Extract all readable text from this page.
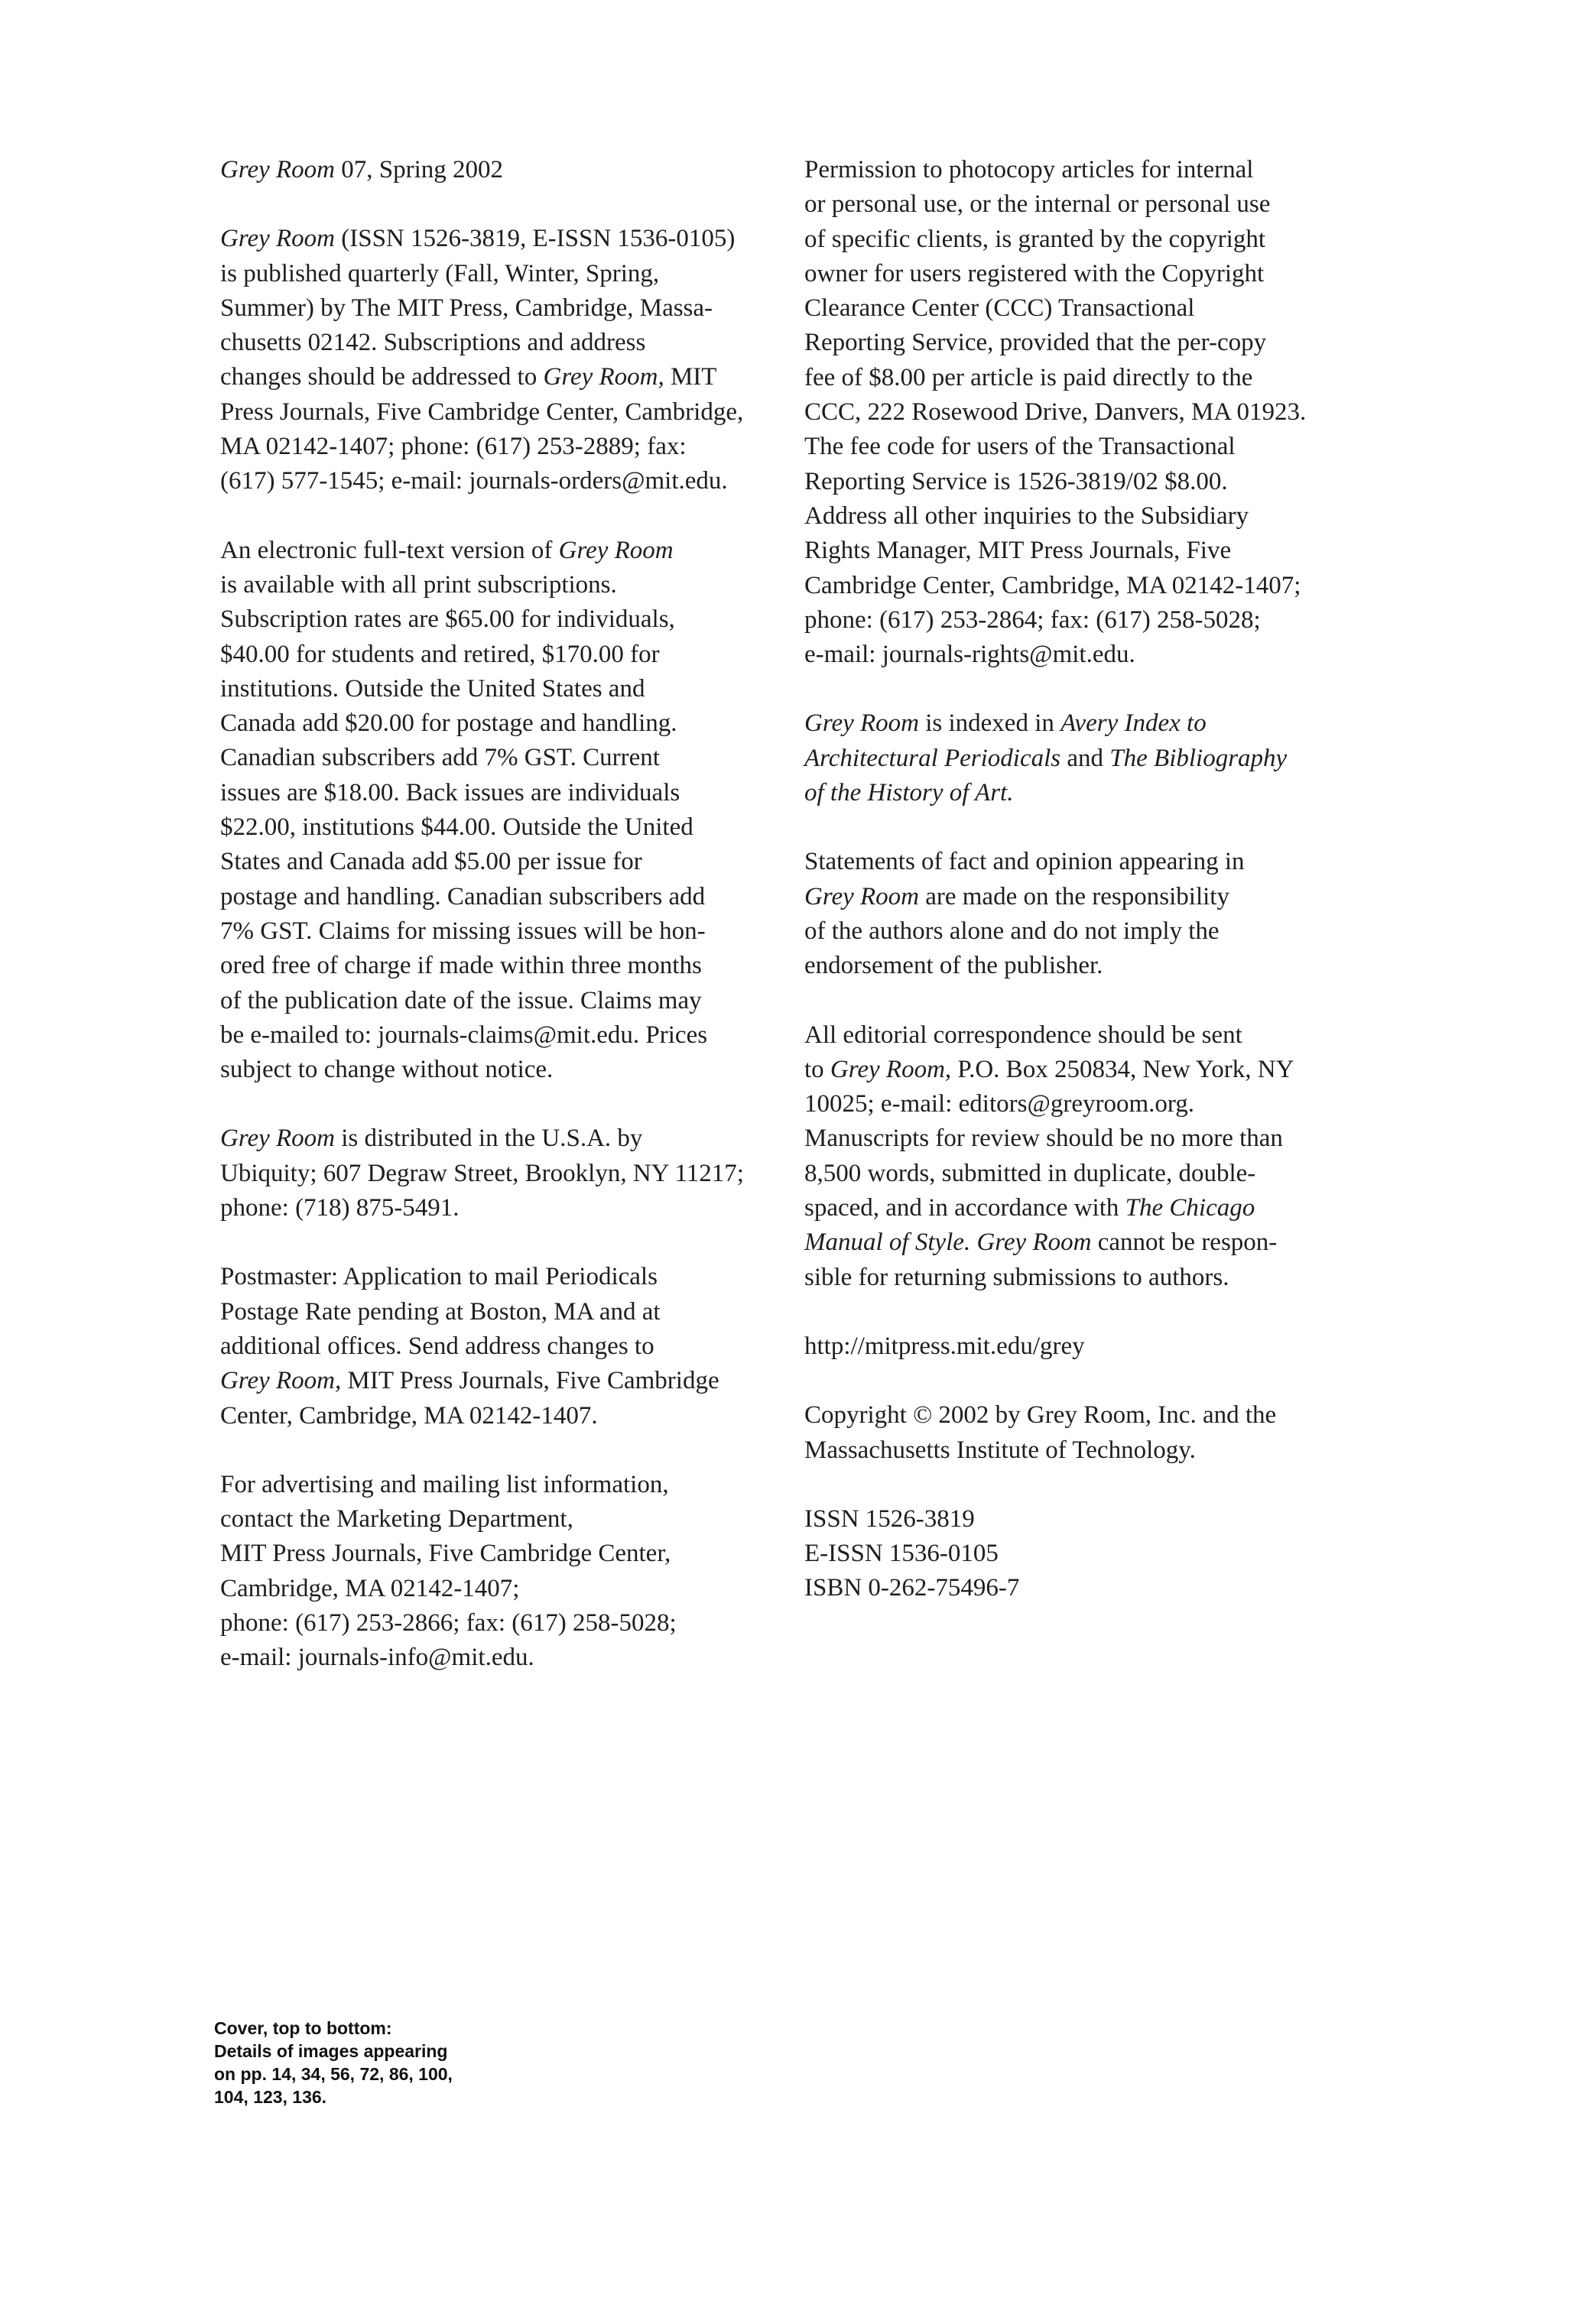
Grey Room 07, Spring 2002

Grey Room (ISSN 1526-3819, E-ISSN 1536-0105)
is published quarterly (Fall, Winter, Spring,
Summer) by The MIT Press, Cambridge, Massa-
chusetts 02142. Subscriptions and address
changes should be addressed to Grey Room, MIT
Press Journals, Five Cambridge Center, Cambridge,
MA 02142-1407; phone: (617) 253-2889; fax:
(617) 577-1545; e-mail: journals-orders@mit.edu.

An electronic full-text version of Grey Room
is available with all print subscriptions.
Subscription rates are $65.00 for individuals,
$40.00 for students and retired, $170.00 for
institutions. Outside the United States and
Canada add $20.00 for postage and handling.
Canadian subscribers add 7% GST. Current
issues are $18.00. Back issues are individuals
$22.00, institutions $44.00. Outside the United
States and Canada add $5.00 per issue for
postage and handling. Canadian subscribers add
7% GST. Claims for missing issues will be hon-
ored free of charge if made within three months
of the publication date of the issue. Claims may
be e-mailed to: journals-claims@mit.edu. Prices
subject to change without notice.

Grey Room is distributed in the U.S.A. by
Ubiquity; 607 Degraw Street, Brooklyn, NY 11217;
phone: (718) 875-5491.

Postmaster: Application to mail Periodicals
Postage Rate pending at Boston, MA and at
additional offices. Send address changes to
Grey Room, MIT Press Journals, Five Cambridge
Center, Cambridge, MA 02142-1407.

For advertising and mailing list information,
contact the Marketing Department,
MIT Press Journals, Five Cambridge Center,
Cambridge, MA 02142-1407;
phone: (617) 253-2866; fax: (617) 258-5028;
e-mail: journals-info@mit.edu.

Permission to photocopy articles for internal
or personal use, or the internal or personal use
of specific clients, is granted by the copyright
owner for users registered with the Copyright
Clearance Center (CCC) Transactional
Reporting Service, provided that the per-copy
fee of $8.00 per article is paid directly to the
CCC, 222 Rosewood Drive, Danvers, MA 01923.
The fee code for users of the Transactional
Reporting Service is 1526-3819/02 $8.00.
Address all other inquiries to the Subsidiary
Rights Manager, MIT Press Journals, Five
Cambridge Center, Cambridge, MA 02142-1407;
phone: (617) 253-2864; fax: (617) 258-5028;
e-mail: journals-rights@mit.edu.

Grey Room is indexed in Avery Index to
Architectural Periodicals and The Bibliography
of the History of Art.

Statements of fact and opinion appearing in
Grey Room are made on the responsibility
of the authors alone and do not imply the
endorsement of the publisher.

All editorial correspondence should be sent
to Grey Room, P.O. Box 250834, New York, NY
10025; e-mail: editors@greyroom.org.
Manuscripts for review should be no more than
8,500 words, submitted in duplicate, double-
spaced, and in accordance with The Chicago
Manual of Style. Grey Room cannot be respon-
sible for returning submissions to authors.

http://mitpress.mit.edu/grey

Copyright © 2002 by Grey Room, Inc. and the
Massachusetts Institute of Technology.

ISSN 1526-3819
E-ISSN 1536-0105
ISBN 0-262-75496-7

Cover, top to bottom:
Details of images appearing
on pp. 14, 34, 56, 72, 86, 100,
104, 123, 136.
